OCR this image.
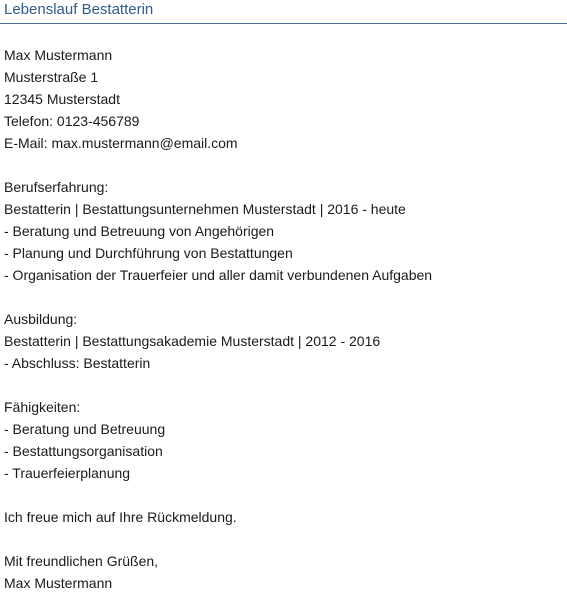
Lebenslauf Bestatterin
Max Mustermann
Musterstraße 1
12345 Musterstadt
Telefon: 0123-456789
E-Mail: max.mustermann@email.com
Berufserfahrung:
Bestatterin | Bestattungsunternehmen Musterstadt | 2016 - heute
- Beratung und Betreuung von Angehörigen
- Planung und Durchführung von Bestattungen
- Organisation der Trauerfeier und aller damit verbundenen Aufgaben
Ausbildung:
Bestatterin | Bestattungsakademie Musterstadt | 2012 - 2016
- Abschluss: Bestatterin
Fähigkeiten:
- Beratung und Betreuung
- Bestattungsorganisation
- Trauerfeierplanung
Ich freue mich auf Ihre Rückmeldung.
Mit freundlichen Grüßen,
Max Mustermann
